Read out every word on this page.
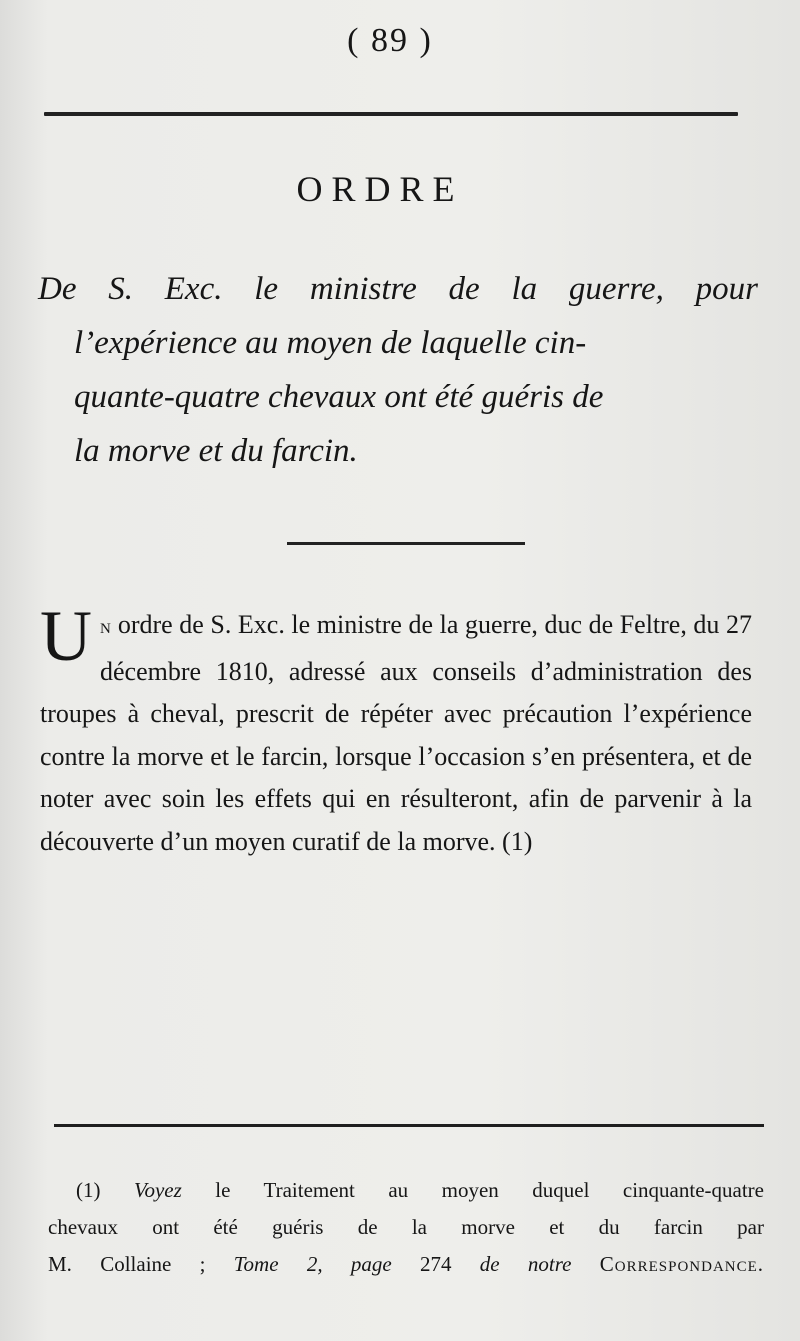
( 89 )
ORDRE
De S. Exc. le ministre de la guerre, pour
l’expérience au moyen de laquelle cin-
quante-quatre chevaux ont été guéris de
la morve et du farcin.
U N ordre de S. Exc. le ministre de la guerre, duc de Feltre, du 27 décembre 1810, adressé aux conseils d’administration des troupes à cheval, prescrit de répéter avec précaution l’expérience contre la morve et le farcin, lorsque l’occasion s’en présentera, et de noter avec soin les effets qui en résulteront, afin de parvenir à la découverte d’un moyen curatif de la morve. (1)
(1) Voyez le Traitement au moyen duquel cinquante-quatre
chevaux ont été guéris de la morve et du farcin par
M. Collaine ; Tome 2, page 274 de notre Correspondance.
